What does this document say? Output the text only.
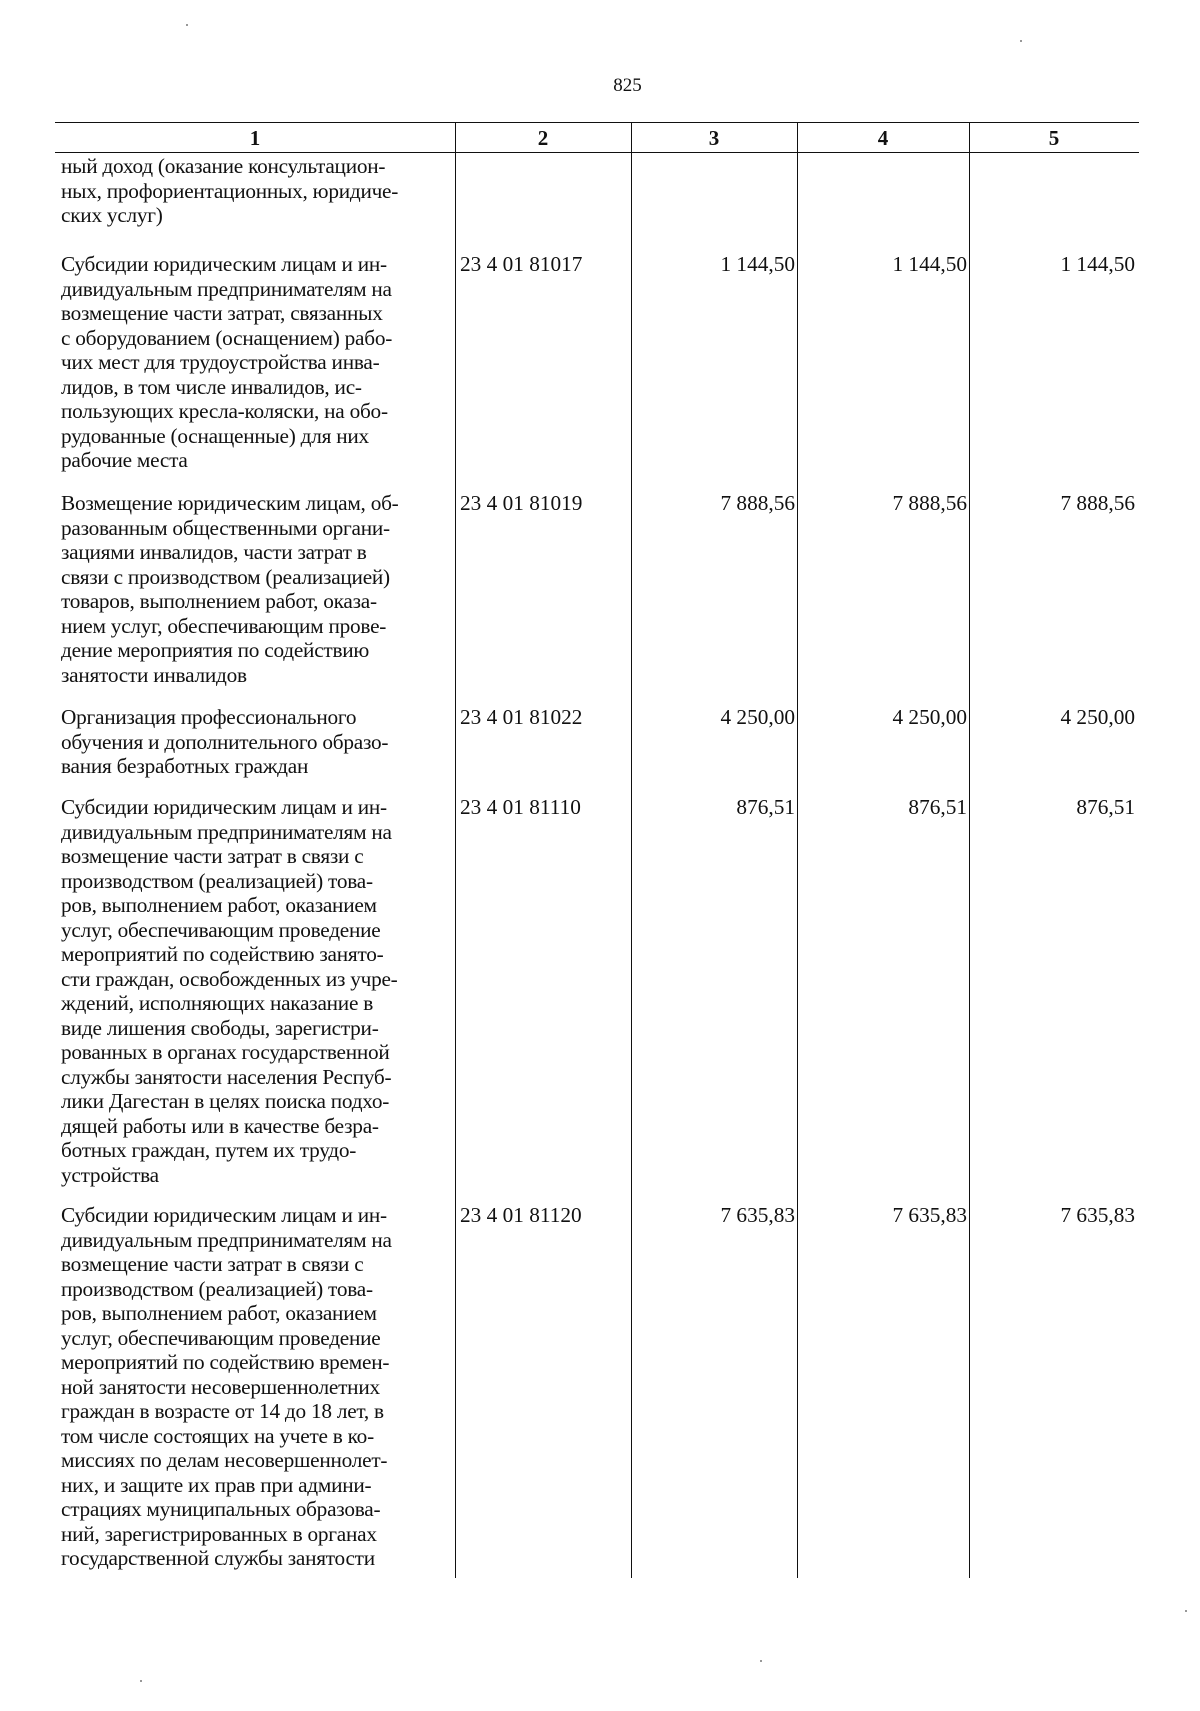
825
1	2	3	4	5
ный доход (оказание консультацион-
ных, профориентационных, юридиче-
ских услуг)
Субсидии юридическим лицам и ин-
дивидуальным предпринимателям на
возмещение части затрат, связанных
с оборудованием (оснащением) рабо-
чих мест для трудоустройства инва-
лидов, в том числе инвалидов, ис-
пользующих кресла-коляски, на обо-
рудованные (оснащенные) для них
рабочие места
23 4 01 81017	1 144,50	1 144,50	1 144,50
Возмещение юридическим лицам, об-
разованным общественными органи-
зациями инвалидов, части затрат в
связи с производством (реализацией)
товаров, выполнением работ, оказа-
нием услуг, обеспечивающим прове-
дение мероприятия по содействию
занятости инвалидов
23 4 01 81019	7 888,56	7 888,56	7 888,56
Организация профессионального
обучения и дополнительного образо-
вания безработных граждан
23 4 01 81022	4 250,00	4 250,00	4 250,00
Субсидии юридическим лицам и ин-
дивидуальным предпринимателям на
возмещение части затрат в связи с
производством (реализацией) това-
ров, выполнением работ, оказанием
услуг, обеспечивающим проведение
мероприятий по содействию занято-
сти граждан, освобожденных из учре-
ждений, исполняющих наказание в
виде лишения свободы, зарегистри-
рованных в органах государственной
службы занятости населения Респуб-
лики Дагестан в целях поиска подхо-
дящей работы или в качестве безра-
ботных граждан, путем их трудо-
устройства
23 4 01 81110	876,51	876,51	876,51
Субсидии юридическим лицам и ин-
дивидуальным предпринимателям на
возмещение части затрат в связи с
производством (реализацией) това-
ров, выполнением работ, оказанием
услуг, обеспечивающим проведение
мероприятий по содействию времен-
ной занятости несовершеннолетних
граждан в возрасте от 14 до 18 лет, в
том числе состоящих на учете в ко-
миссиях по делам несовершеннолет-
них, и защите их прав при админи-
страциях муниципальных образова-
ний, зарегистрированных в органах
государственной службы занятости
23 4 01 81120	7 635,83	7 635,83	7 635,83
